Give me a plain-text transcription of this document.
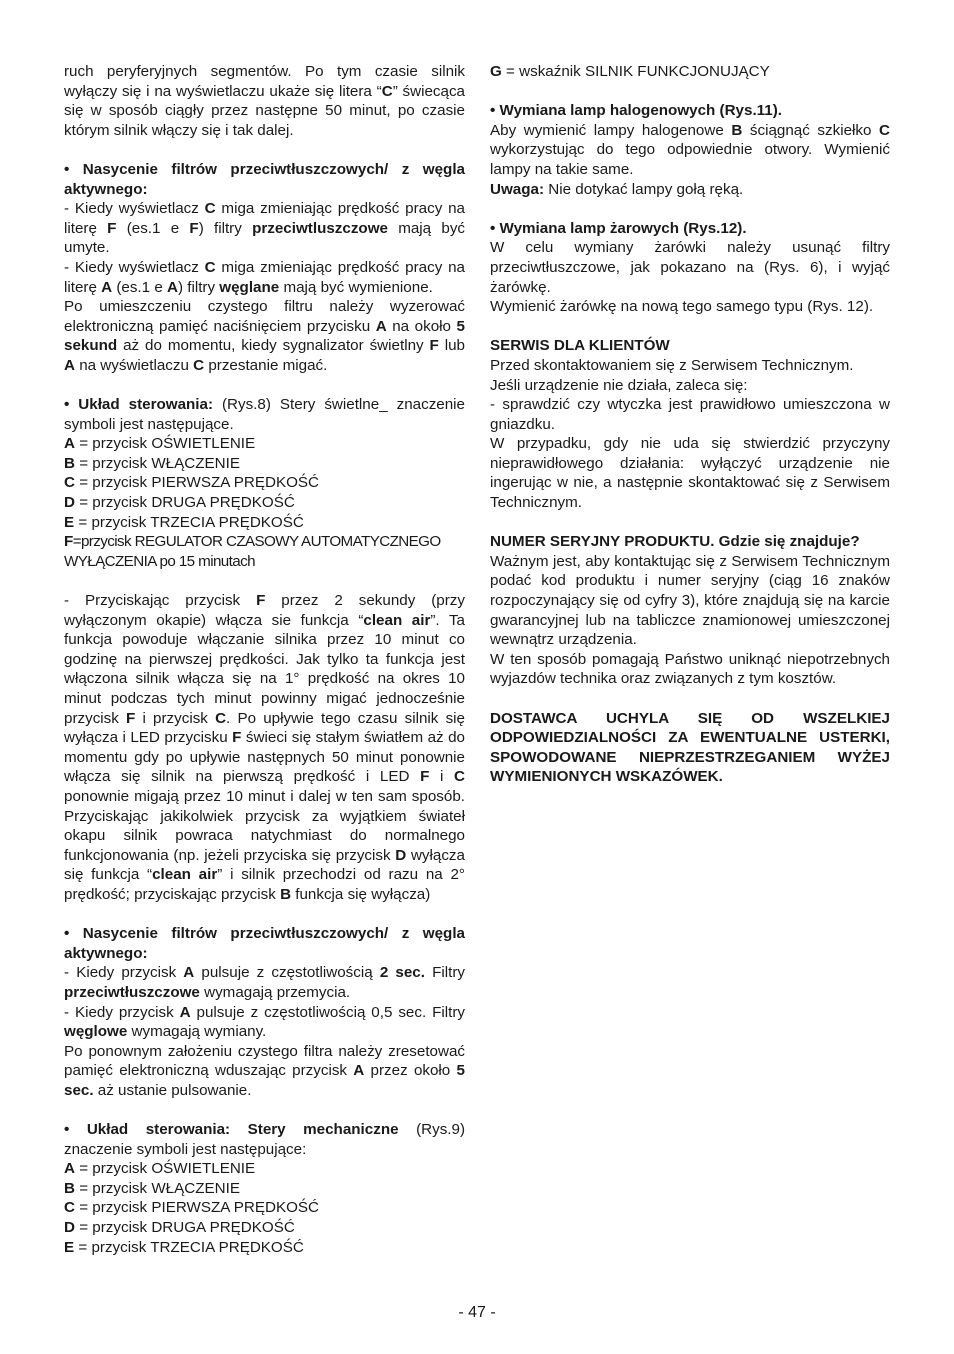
ruch peryferyjnych segmentów. Po tym czasie silnik wyłączy się i na wyświetlaczu ukaże się litera “C” świecąca się w sposób ciągły przez następne 50 minut, po czasie którym silnik włączy się i tak dalej.

• Nasycenie filtrów przeciwtłuszczowych/ z węgla aktywnego:

- Kiedy wyświetlacz C miga zmieniając prędkość pracy na literę F (es.1 e F) filtry przeciwtluszczowe mają być umyte.

- Kiedy wyświetlacz C miga zmieniając prędkość pracy na literę A (es.1 e A) filtry węglane mają być wymienione.

Po umieszczeniu czystego filtru należy wyzerować elektroniczną pamięć naciśnięciem przycisku A na około 5 sekund aż do momentu, kiedy sygnalizator świetlny F lub A na wyświetlaczu C przestanie migać.

• Układ sterowania: (Rys.8) Stery świetlne_ znaczenie symboli jest następujące.

A = przycisk OŚWIETLENIE

B = przycisk WŁĄCZENIE

C = przycisk PIERWSZA PRĘDKOŚĆ

D = przycisk DRUGA PRĘDKOŚĆ

E = przycisk TRZECIA PRĘDKOŚĆ

F=przycisk REGULATOR CZASOWY AUTOMATYCZNEGO WYŁĄCZENIA po 15 minutach

- Przyciskając przycisk F przez 2 sekundy (przy wyłączonym okapie) włącza sie funkcja “clean air”. Ta funkcja powoduje włączanie silnika przez 10 minut co godzinę na pierwszej prędkości. Jak tylko ta funkcja jest włączona silnik włącza się na 1° prędkość na okres 10 minut podczas tych minut powinny migać jednocześnie przycisk F i przycisk C. Po upływie tego czasu silnik się wyłącza i LED przycisku F świeci się stałym światłem aż do momentu gdy po upływie następnych 50 minut ponownie włącza się silnik na pierwszą prędkość i LED F i C ponownie migają przez 10 minut i dalej w ten sam sposób. Przyciskając jakikolwiek przycisk za wyjątkiem świateł okapu silnik powraca natychmiast do normalnego funkcjonowania (np. jeżeli przyciska się przycisk D wyłącza się funkcja “clean air” i silnik przechodzi od razu na 2° prędkość; przyciskając przycisk B funkcja się wyłącza)

• Nasycenie filtrów przeciwtłuszczowych/ z węgla aktywnego:

- Kiedy przycisk A pulsuje z częstotliwością 2 sec. Filtry przeciwtłuszczowe wymagają przemycia.

- Kiedy przycisk A pulsuje z częstotliwością 0,5 sec. Filtry węglowe wymagają wymiany.

Po ponownym założeniu czystego filtra należy zresetować pamięć elektroniczną wduszając przycisk A przez około 5 sec. aż ustanie pulsowanie.

• Układ sterowania: Stery mechaniczne (Rys.9) znaczenie symboli jest następujące:

A = przycisk OŚWIETLENIE

B = przycisk WŁĄCZENIE

C = przycisk PIERWSZA PRĘDKOŚĆ

D = przycisk DRUGA PRĘDKOŚĆ

E = przycisk TRZECIA PRĘDKOŚĆ

G = wskaźnik SILNIK FUNKCJONUJĄCY

• Wymiana lamp halogenowych (Rys.11).

Aby wymienić lampy halogenowe B ściągnąć szkiełko C wykorzystując do tego odpowiednie otwory. Wymienić lampy na takie same.

Uwaga: Nie dotykać lampy gołą ręką.

• Wymiana lamp żarowych (Rys.12).

W celu wymiany żarówki należy usunąć filtry przeciwtłuszczowe, jak pokazano na (Rys. 6), i wyjąć żarówkę.

Wymienić żarówkę na nową tego samego typu (Rys. 12).

SERWIS DLA KLIENTÓW

Przed skontaktowaniem się z Serwisem Technicznym.

Jeśli urządzenie nie działa, zaleca się:

- sprawdzić czy wtyczka jest prawidłowo umieszczona w gniazdku.

W przypadku, gdy nie uda się stwierdzić przyczyny nieprawidłowego działania: wyłączyć urządzenie nie ingerując w nie, a następnie skontaktować się z Serwisem Technicznym.

NUMER SERYJNY PRODUKTU. Gdzie się znajduje?

Ważnym jest, aby kontaktując się z Serwisem Technicznym podać kod produktu i numer seryjny (ciąg 16 znaków rozpoczynający się od cyfry 3), które znajdują się na karcie gwarancyjnej lub na tabliczce znamionowej umieszczonej wewnątrz urządzenia.

W ten sposób pomagają Państwo uniknąć niepotrzebnych wyjazdów technika oraz związanych z tym kosztów.

DOSTAWCA UCHYLA SIĘ OD WSZELKIEJ ODPOWIEDZIALNOŚCI ZA EWENTUALNE USTERKI, SPOWODOWANE NIEPRZESTRZEGANIEM WYŻEJ WYMIENIONYCH WSKAZÓWEK.

- 47 -
